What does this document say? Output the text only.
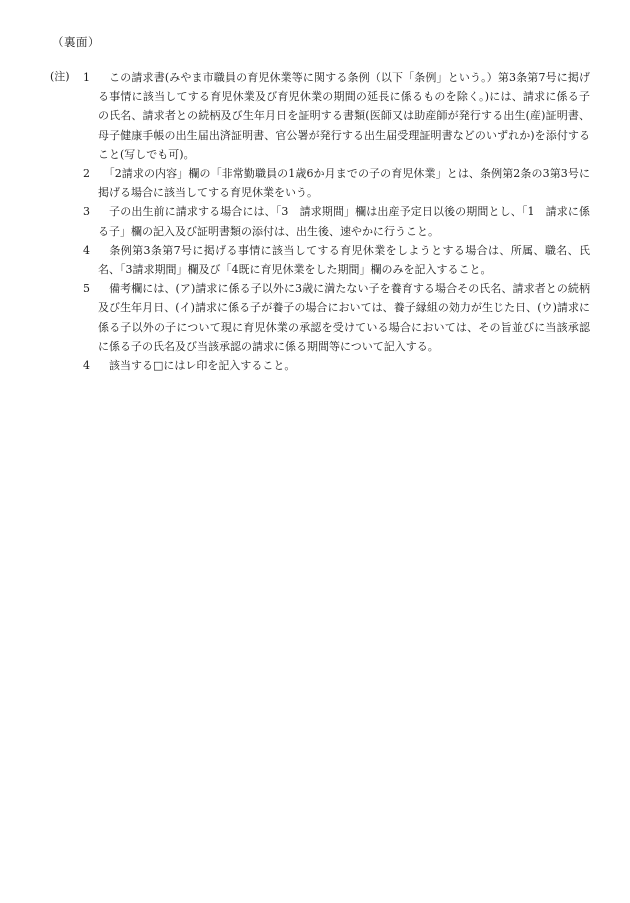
（裏面）
(注) 1 　この請求書(みやま市職員の育児休業等に関する条例（以下「条例」という。）第3条第7号に掲げる事情に該当してする育児休業及び育児休業の期間の延長に係るものを除く。)には、請求に係る子の氏名、請求者との続柄及び生年月日を証明する書類(医師又は助産師が発行する出生(産)証明書、母子健康手帳の出生届出済証明書、官公署が発行する出生届受理証明書などのいずれか)を添付すること(写しでも可)。
2 　「2請求の内容」欄の「非常勤職員の1歳6か月までの子の育児休業」とは、条例第2条の3第3号に掲げる場合に該当してする育児休業をいう。
3 　子の出生前に請求する場合には、「3　請求期間」欄は出産予定日以後の期間とし、「1　請求に係る子」欄の記入及び証明書類の添付は、出生後、速やかに行うこと。
4 　条例第3条第7号に掲げる事情に該当してする育児休業をしようとする場合は、所属、職名、氏名、「3請求期間」欄及び「4既に育児休業をした期間」欄のみを記入すること。
5 　備考欄には、(ア)請求に係る子以外に3歳に満たない子を養育する場合その氏名、請求者との続柄及び生年月日、(イ)請求に係る子が養子の場合においては、養子縁組の効力が生じた日、(ウ)請求に係る子以外の子について現に育児休業の承認を受けている場合においては、その旨並びに当該承認に係る子の氏名及び当該承認の請求に係る期間等について記入する。
4 　該当する□にはレ印を記入すること。
